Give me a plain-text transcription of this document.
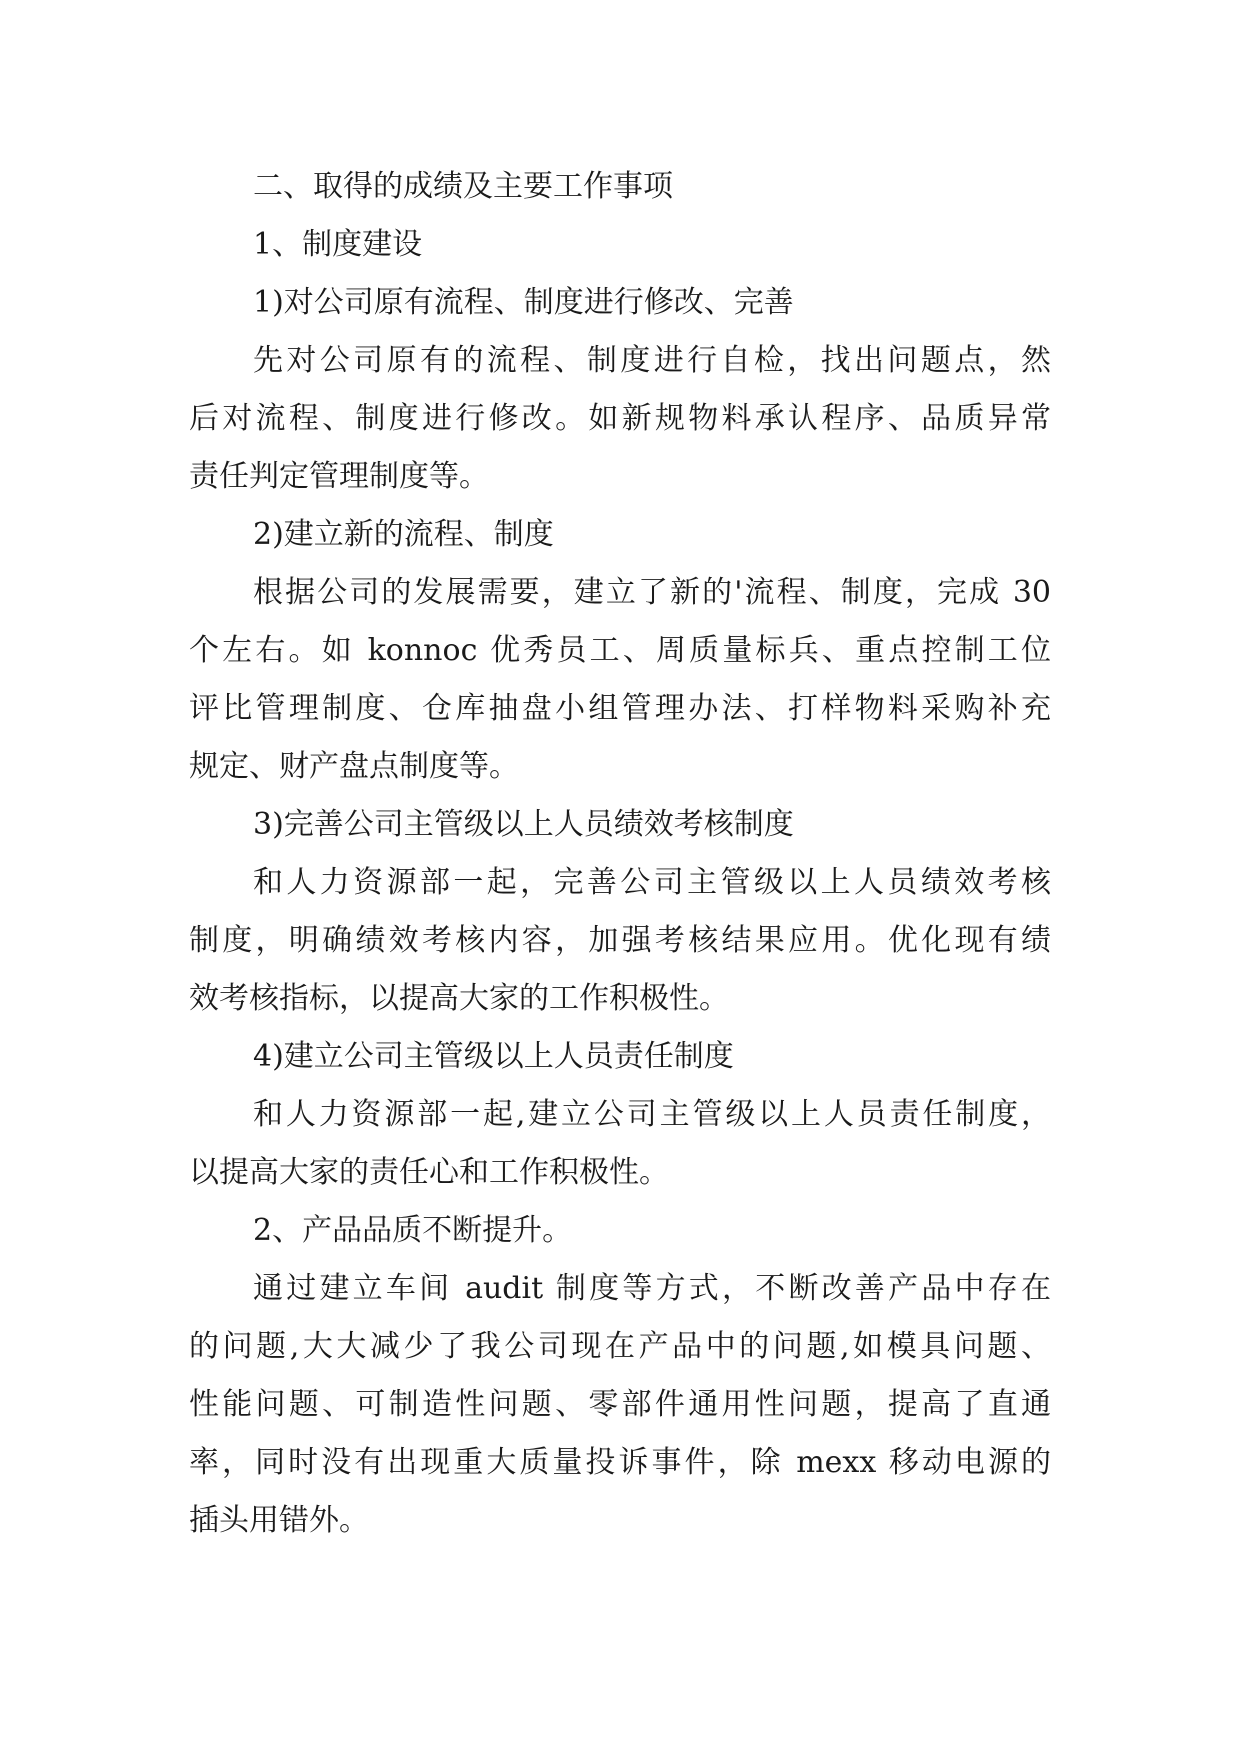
二、取得的成绩及主要工作事项
1、制度建设
1)对公司原有流程、制度进行修改、完善
先对公司原有的流程、制度进行自检，找出问题点，然
后对流程、制度进行修改。如新规物料承认程序、品质异常
责任判定管理制度等。
2)建立新的流程、制度
根据公司的发展需要，建立了新的'流程、制度，完成 30
个左右。如 konnoc 优秀员工、周质量标兵、重点控制工位
评比管理制度、仓库抽盘小组管理办法、打样物料采购补充
规定、财产盘点制度等。
3)完善公司主管级以上人员绩效考核制度
和人力资源部一起，完善公司主管级以上人员绩效考核
制度，明确绩效考核内容，加强考核结果应用。优化现有绩
效考核指标，以提高大家的工作积极性。
4)建立公司主管级以上人员责任制度
和人力资源部一起,建立公司主管级以上人员责任制度，
以提高大家的责任心和工作积极性。
2、产品品质不断提升。
通过建立车间 audit 制度等方式，不断改善产品中存在
的问题,大大减少了我公司现在产品中的问题,如模具问题、
性能问题、可制造性问题、零部件通用性问题，提高了直通
率，同时没有出现重大质量投诉事件，除 mexx 移动电源的
插头用错外。
